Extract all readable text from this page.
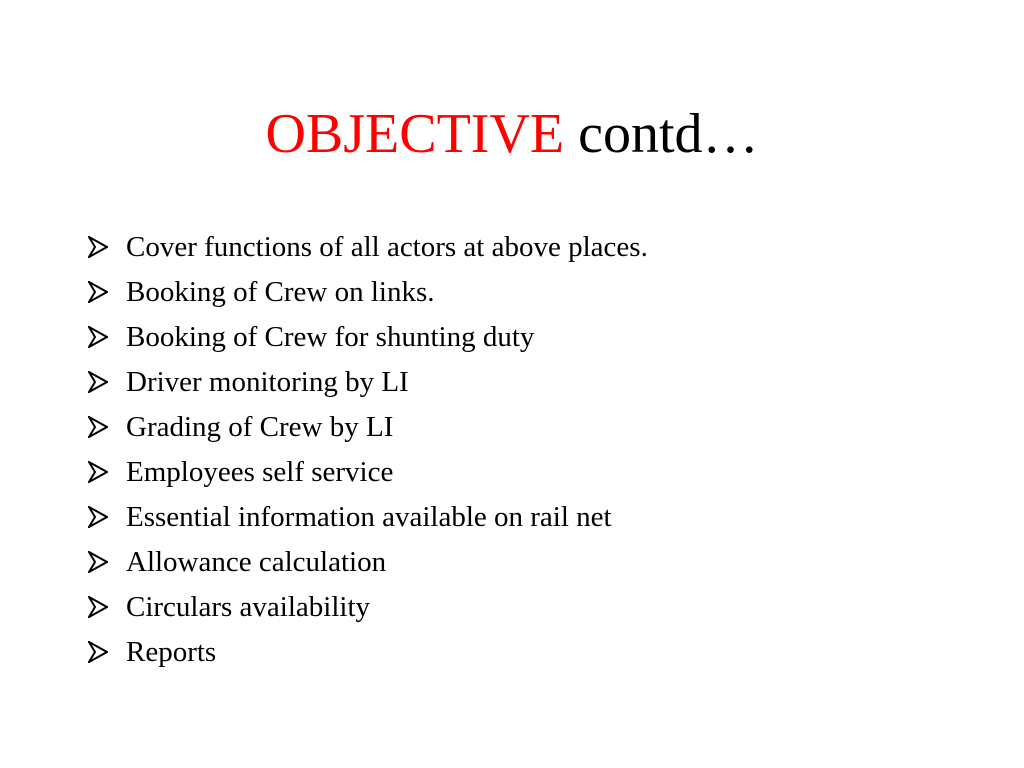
OBJECTIVE contd…
Cover functions of all actors at above places.
Booking of Crew on links.
Booking of Crew for shunting duty
Driver monitoring by LI
Grading of Crew by LI
Employees self service
Essential information available on rail net
Allowance calculation
Circulars availability
Reports
